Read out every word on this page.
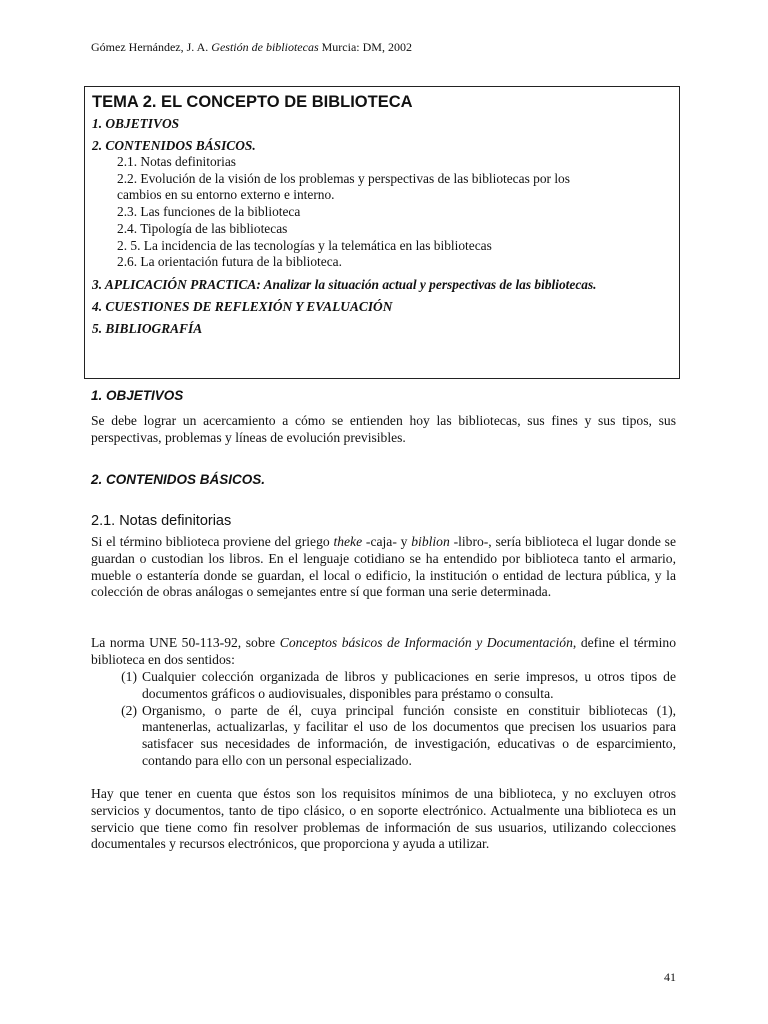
Gómez Hernández, J. A. Gestión de bibliotecas Murcia: DM, 2002
TEMA 2. EL CONCEPTO DE BIBLIOTECA

1. OBJETIVOS

2. CONTENIDOS BÁSICOS.

2.1. Notas definitorias

2.2. Evolución de la visión de los problemas y perspectivas de las bibliotecas por los

cambios en su entorno externo e interno.

2.3. Las funciones de la biblioteca

2.4. Tipología de las bibliotecas

2. 5. La incidencia de las tecnologías y la telemática en las bibliotecas

2.6. La orientación futura de la biblioteca.

3. APLICACIÓN PRACTICA: Analizar la situación actual y perspectivas de las bibliotecas.

4. CUESTIONES DE REFLEXIÓN Y EVALUACIÓN

5. BIBLIOGRAFÍA

1. OBJETIVOS

Se debe lograr un acercamiento a cómo se entienden hoy las bibliotecas, sus fines y sus tipos, sus perspectivas, problemas y líneas de evolución previsibles.

2. CONTENIDOS BÁSICOS.
2.1. Notas definitorias

Si el término biblioteca proviene del griego theke -caja- y biblion -libro-, sería biblioteca el lugar donde se guardan o custodian los libros. En el lenguaje cotidiano se ha entendido por biblioteca tanto el armario, mueble o estantería donde se guardan, el local o edificio, la institución o entidad de lectura pública, y la colección de obras análogas o semejantes entre sí que forman una serie determinada.

La norma UNE 50-113-92, sobre Conceptos básicos de Información y Documentación, define el término biblioteca en dos sentidos:

(1) Cualquier colección organizada de libros y publicaciones en serie impresos, u otros tipos de documentos gráficos o audiovisuales, disponibles para préstamo o consulta.
(2) Organismo, o parte de él, cuya principal función consiste en constituir bibliotecas (1), mantenerlas, actualizarlas, y facilitar el uso de los documentos que precisen los usuarios para satisfacer sus necesidades de información, de investigación, educativas o de esparcimiento, contando para ello con un personal especializado.

Hay que tener en cuenta que éstos son los requisitos mínimos de una biblioteca, y no excluyen otros servicios y documentos, tanto de tipo clásico, o en soporte electrónico. Actualmente una biblioteca es un servicio que tiene como fin resolver problemas de información de sus usuarios, utilizando colecciones documentales y recursos electrónicos, que proporciona y ayuda a utilizar.

41
